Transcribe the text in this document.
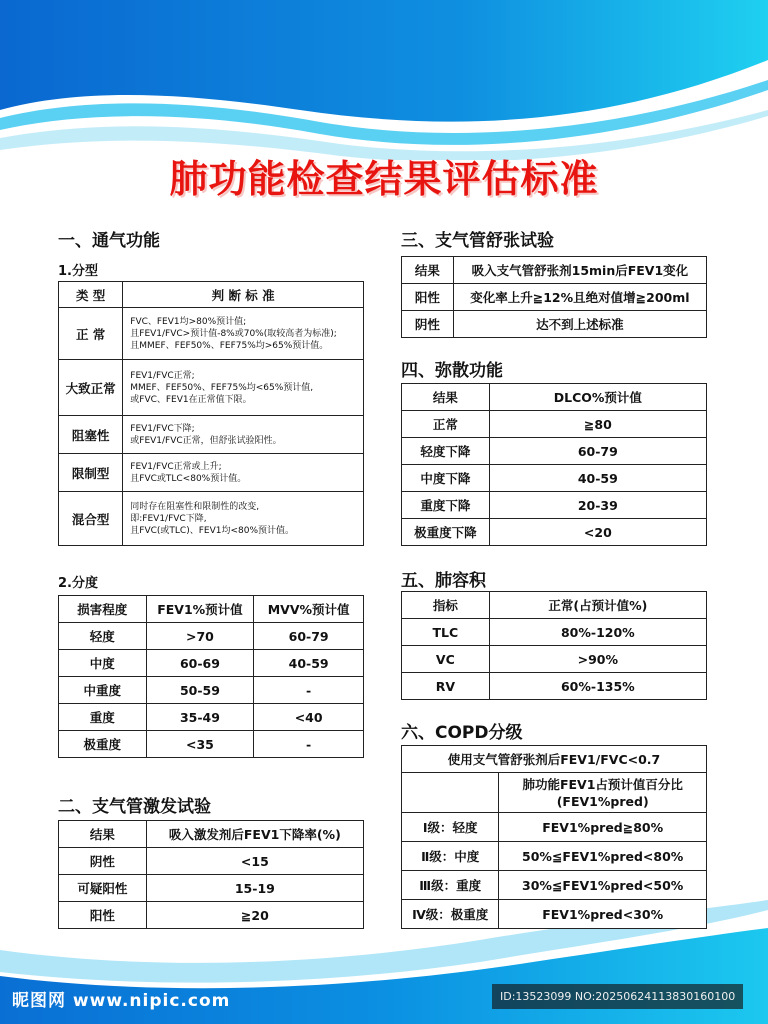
肺功能检查结果评估标准
一、通气功能
1.分型
类 型	判 断 标 准
正 常	FVC、FEV1均>80%预计值;
且FEV1/FVC>预计值-8%或70%(取较高者为标准);
且MMEF、FEF50%、FEF75%均>65%预计值。

大致正常	FEV1/FVC正常;
MMEF、FEF50%、FEF75%均<65%预计值,
或FVC、FEV1在正常值下限。

阻塞性	FEV1/FVC下降;
或FEV1/FVC正常，但舒张试验阳性。

限制型	FEV1/FVC正常或上升;
且FVC或TLC<80%预计值。

混合型	同时存在阻塞性和限制性的改变,
即:FEV1/FVC下降,
且FVC(或TLC)、FEV1均<80%预计值。
2.分度
损害程度	FEV1%预计值	MVV%预计值
轻度	>70	60-79
中度	60-69	40-59
中重度	50-59	-
重度	35-49	<40
极重度	<35	-
二、支气管激发试验
结果	吸入激发剂后FEV1下降率(%)
阴性	<15
可疑阳性	15-19
阳性	≧20
三、支气管舒张试验
结果	吸入支气管舒张剂15min后FEV1变化
阳性	变化率上升≧12%且绝对值增≧200ml
阴性	达不到上述标准
四、弥散功能
结果	DLCO%预计值
正常	≧80
轻度下降	60-79
中度下降	40-59
重度下降	20-39
极重度下降	<20
五、肺容积
指标	正常(占预计值%)
TLC	80%-120%
VC	>90%
RV	60%-135%
六、COPD分级
使用支气管舒张剂后FEV1/FVC<0.7	

	肺功能FEV1占预计值百分比
(FEV1%pred)

Ⅰ级：轻度	FEV1%pred≧80%
Ⅱ级：中度	50%≦FEV1%pred<80%
Ⅲ级：重度	30%≦FEV1%pred<50%
Ⅳ级：极重度	FEV1%pred<30%
昵图网 www.nipic.com	ID:13523099 NO:20250624113830160100
